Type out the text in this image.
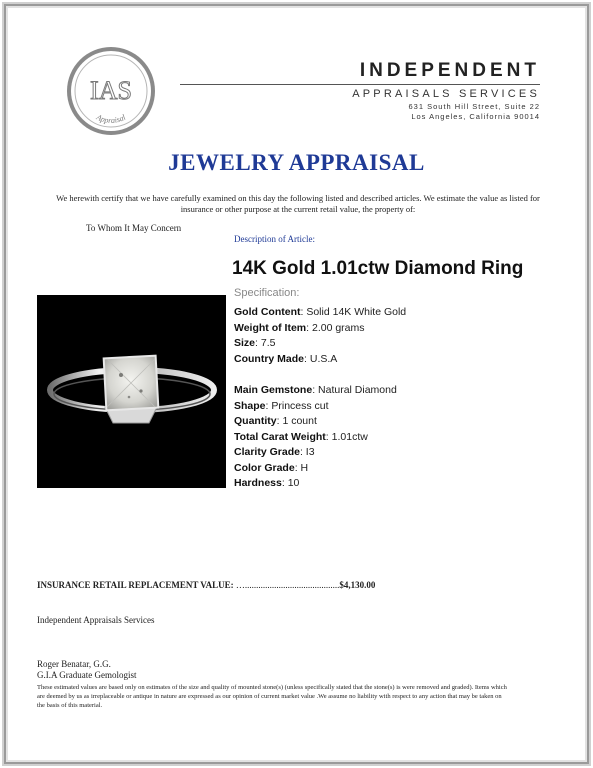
IAS
Appraisal
INDEPENDENT
APPRAISALS SERVICES
631 South Hill Street, Suite 22
Los Angeles, California 90014
JEWELRY APPRAISAL
We herewith certify that we have carefully examined on this day the following listed and described articles. We estimate the value as listed for insurance or other purpose at the current retail value, the property of:
To Whom It May Concern
Description of Article:
14K Gold 1.01ctw Diamond Ring
Specification:
Gold Content: Solid 14K White Gold
Weight of Item: 2.00 grams
Size: 7.5
Country Made: U.S.A
Main Gemstone: Natural Diamond
Shape: Princess cut
Quantity: 1 count
Total Carat Weight: 1.01ctw
Clarity Grade: I3
Color Grade: H
Hardness: 10
INSURANCE RETAIL REPLACEMENT VALUE: …..........................................$4,130.00
Independent Appraisals Services
Roger Benatar, G.G.
G.I.A Graduate Gemologist
These estimated values are based only on estimates of the size and quality of mounted stone(s) (unless specifically stated that the stone(s) is were removed and graded). Items which are deemed by us as irreplaceable or antique in nature are expressed as our opinion of current market value .We assume no liability with respect to any action that may be taken on the basis of this material.
